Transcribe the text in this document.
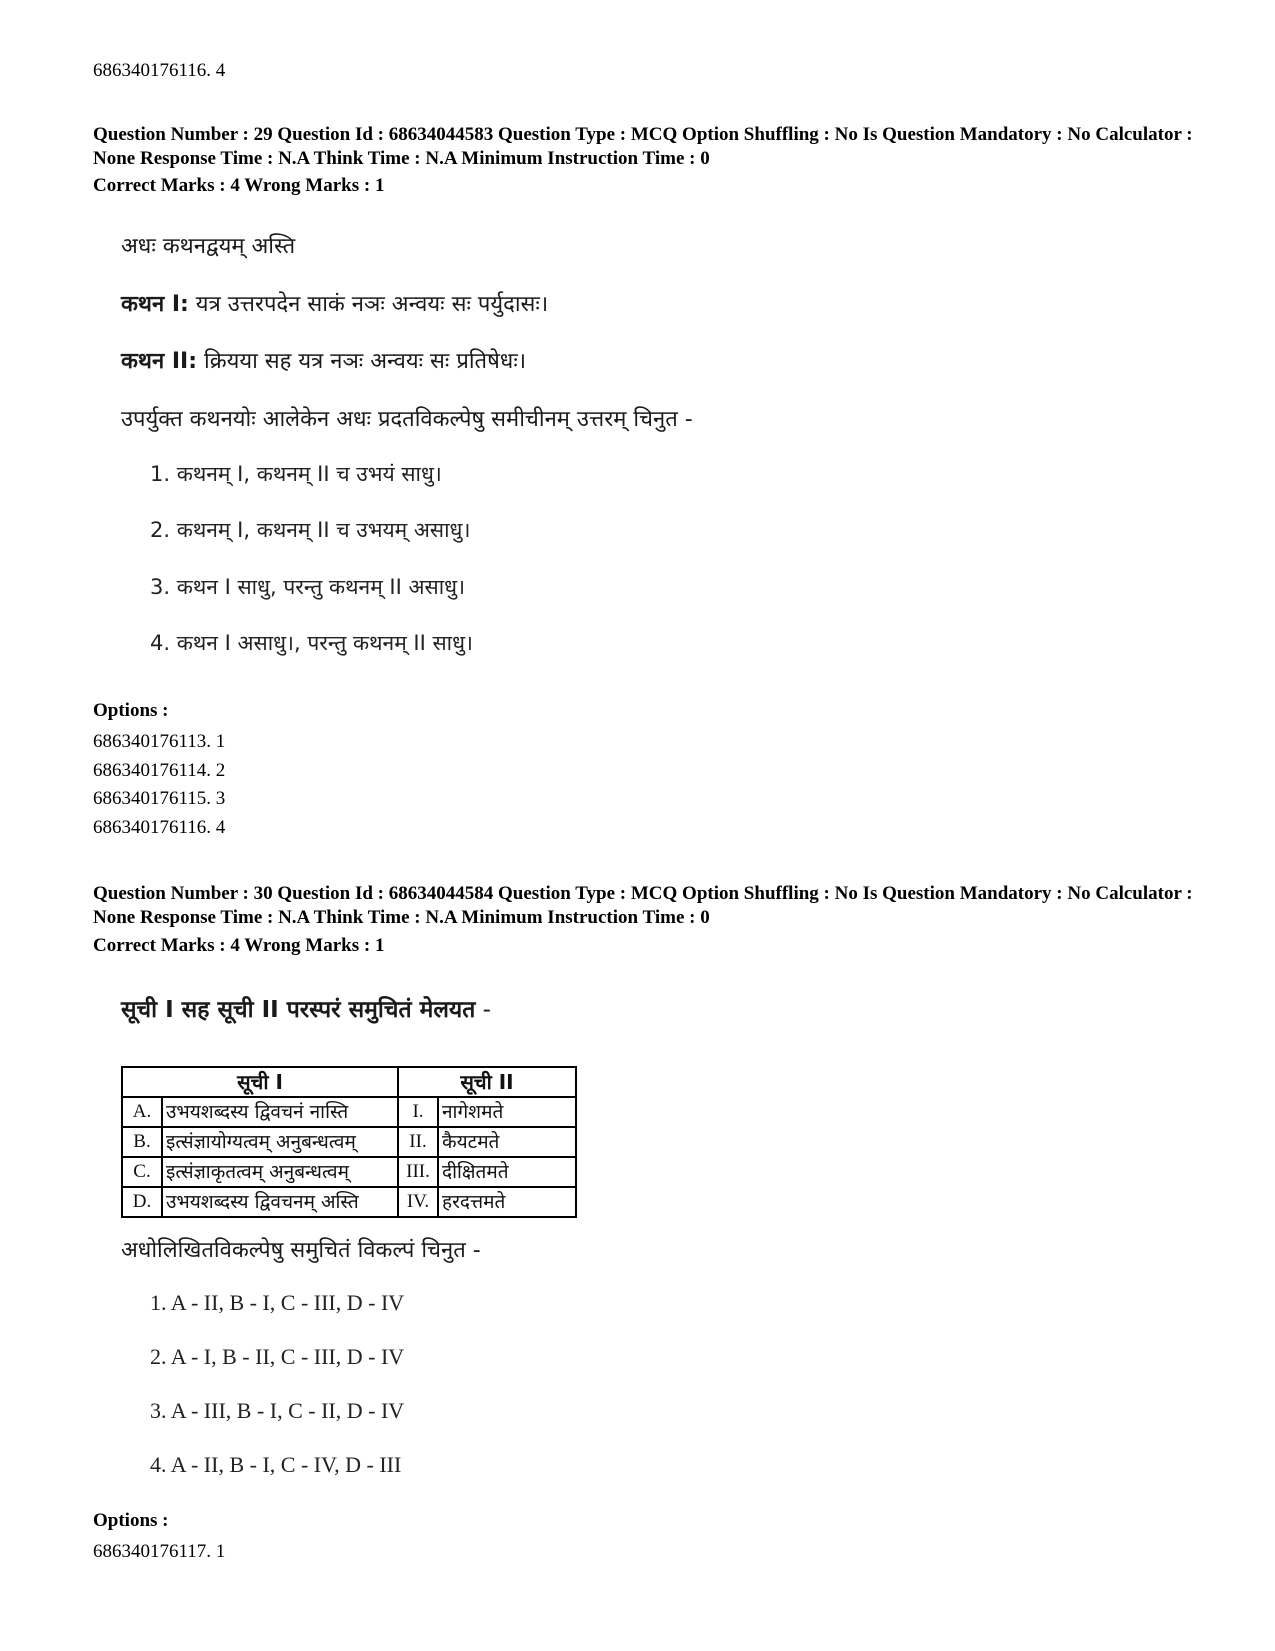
686340176116. 4
Question Number : 29 Question Id : 68634044583 Question Type : MCQ Option Shuffling : No Is Question Mandatory : No Calculator : None Response Time : N.A Think Time : N.A Minimum Instruction Time : 0
Correct Marks : 4 Wrong Marks : 1
अधः कथनद्वयम् अस्ति
कथन I: यत्र उत्तरपदेन साकं नञः अन्वयः सः पर्युदासः।
कथन II: क्रियया सह यत्र नञः अन्वयः सः प्रतिषेधः।
उपर्युक्त कथनयोः आलेकेन अधः प्रदतविकल्पेषु समीचीनम् उत्तरम् चिनुत -
1. कथनम् I, कथनम् II च उभयं साधु।
2. कथनम् I, कथनम् II च उभयम् असाधु।
3. कथन I साधु, परन्तु कथनम् II असाधु।
4. कथन I असाधु।, परन्तु कथनम् II साधु।
Options :
686340176113. 1
686340176114. 2
686340176115. 3
686340176116. 4
Question Number : 30 Question Id : 68634044584 Question Type : MCQ Option Shuffling : No Is Question Mandatory : No Calculator : None Response Time : N.A Think Time : N.A Minimum Instruction Time : 0
Correct Marks : 4 Wrong Marks : 1
सूची I सह सूची II परस्परं समुचितं मेलयत -
सूची I		सूची II	
A.	उभयशब्दस्य द्विवचनं नास्ति	I.	नागेशमते
B.	इत्संज्ञायोग्यत्वम् अनुबन्धत्वम्	II.	कैयटमते
C.	इत्संज्ञाकृतत्वम् अनुबन्धत्वम्	III.	दीक्षितमते
D.	उभयशब्दस्य द्विवचनम् अस्ति	IV.	हरदत्तमते
अधोलिखितविकल्पेषु समुचितं विकल्पं चिनुत -
1. A - II, B - I, C - III, D - IV
2. A - I, B - II, C - III, D - IV
3. A - III, B - I, C - II, D - IV
4. A - II, B - I, C - IV, D - III
Options :
686340176117. 1
